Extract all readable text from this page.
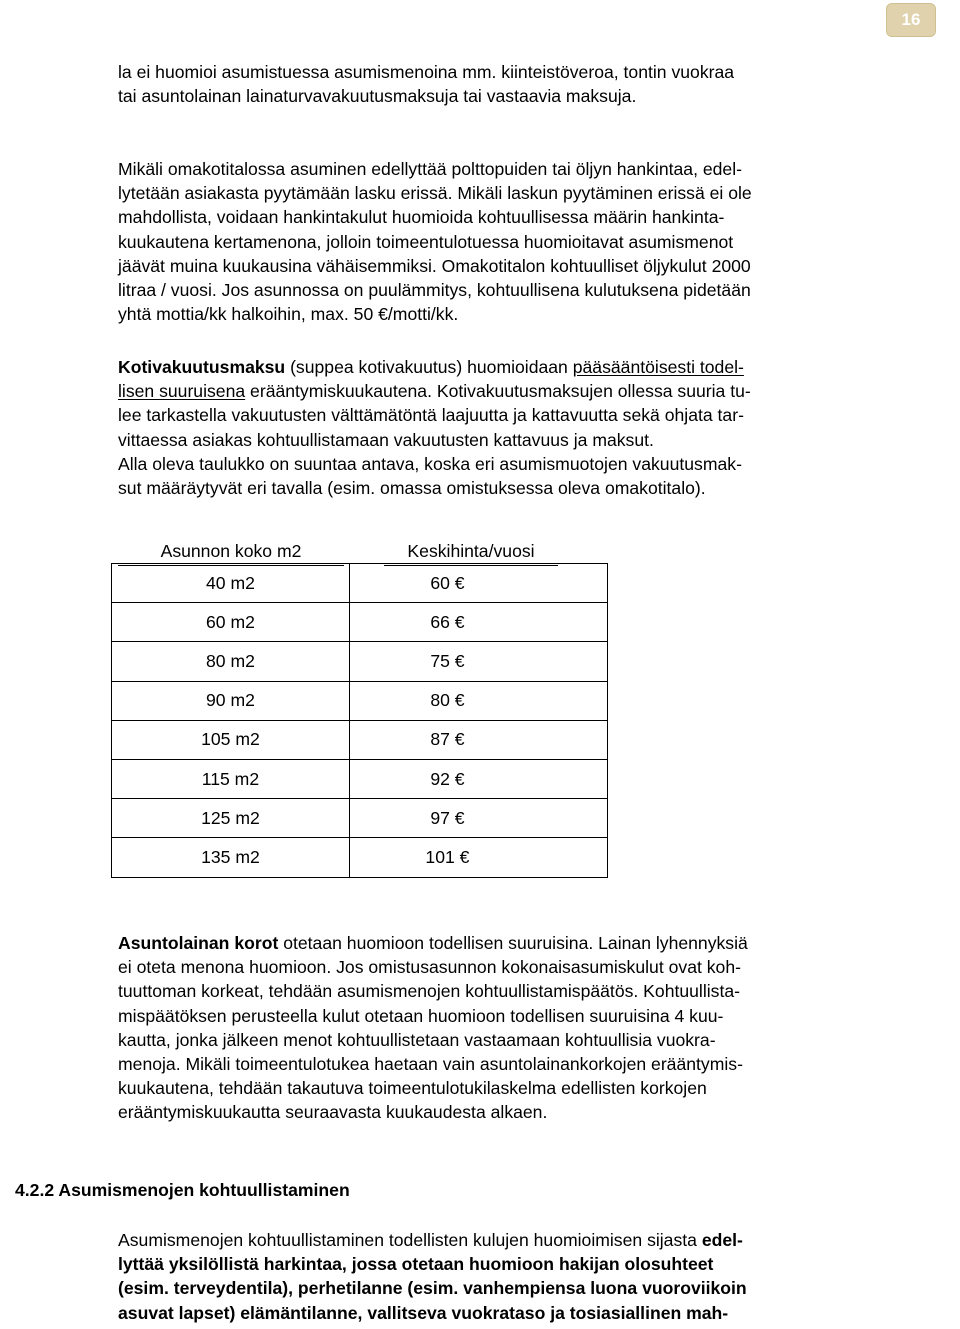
16

la ei huomioi asumistuessa asumismenoina mm. kiinteistöveroa, tontin vuokraa
tai asuntolainan lainaturvavakuutusmaksuja tai vastaavia maksuja.

Mikäli omakotitalossa asuminen edellyttää polttopuiden tai öljyn hankintaa, edel-
lytetään asiakasta pyytämään lasku erissä. Mikäli laskun pyytäminen erissä ei ole
mahdollista, voidaan hankintakulut huomioida kohtuullisessa määrin hankinta-
kuukautena kertamenona, jolloin toimeentulotuessa huomioitavat asumismenot
jäävät muina kuukausina vähäisemmiksi. Omakotitalon kohtuulliset öljykulut 2000
litraa / vuosi. Jos asunnossa on puulämmitys, kohtuullisena kulutuksena pidetään
yhtä mottia/kk halkoihin, max. 50 €/motti/kk.

Kotivakuutusmaksu (suppea kotivakuutus) huomioidaan pääsääntöisesti todel-
lisen suuruisena erääntymiskuukautena. Kotivakuutusmaksujen ollessa suuria tu-
lee tarkastella vakuutusten välttämätöntä laajuutta ja kattavuutta sekä ohjata tar-
vittaessa asiakas kohtuullistamaan vakuutusten kattavuus ja maksut.
Alla oleva taulukko on suuntaa antava, koska eri asumismuotojen vakuutusmak-
sut määräytyvät eri tavalla (esim. omassa omistuksessa oleva omakotitalo).

Asunnon koko m2	Keskihinta/vuosi
40 m2	60 €
60 m2	66 €
80 m2	75 €
90 m2	80 €
105 m2	87 €
115 m2	92 €
125 m2	97 €
135 m2	101 €

Asuntolainan korot otetaan huomioon todellisen suuruisina. Lainan lyhennyksiä
ei oteta menona huomioon. Jos omistusasunnon kokonaisasumiskulut ovat koh-
tuuttoman korkeat, tehdään asumismenojen kohtuullistamispäätös. Kohtuullista-
mispäätöksen perusteella kulut otetaan huomioon todellisen suuruisina 4 kuu-
kautta, jonka jälkeen menot kohtuullistetaan vastaamaan kohtuullisia vuokra-
menoja. Mikäli toimeentulotukea haetaan vain asuntolainankorkojen erääntymis-
kuukautena, tehdään takautuva toimeentulotukilaskelma edellisten korkojen
erääntymiskuukautta seuraavasta kuukaudesta alkaen.

4.2.2 Asumismenojen kohtuullistaminen

Asumismenojen kohtuullistaminen todellisten kulujen huomioimisen sijasta edel-
lyttää yksilöllistä harkintaa, jossa otetaan huomioon hakijan olosuhteet
(esim. terveydentila), perhetilanne (esim. vanhempiensa luona vuoroviikoin
asuvat lapset) elämäntilanne, vallitseva vuokrataso ja tosiasiallinen mah-
